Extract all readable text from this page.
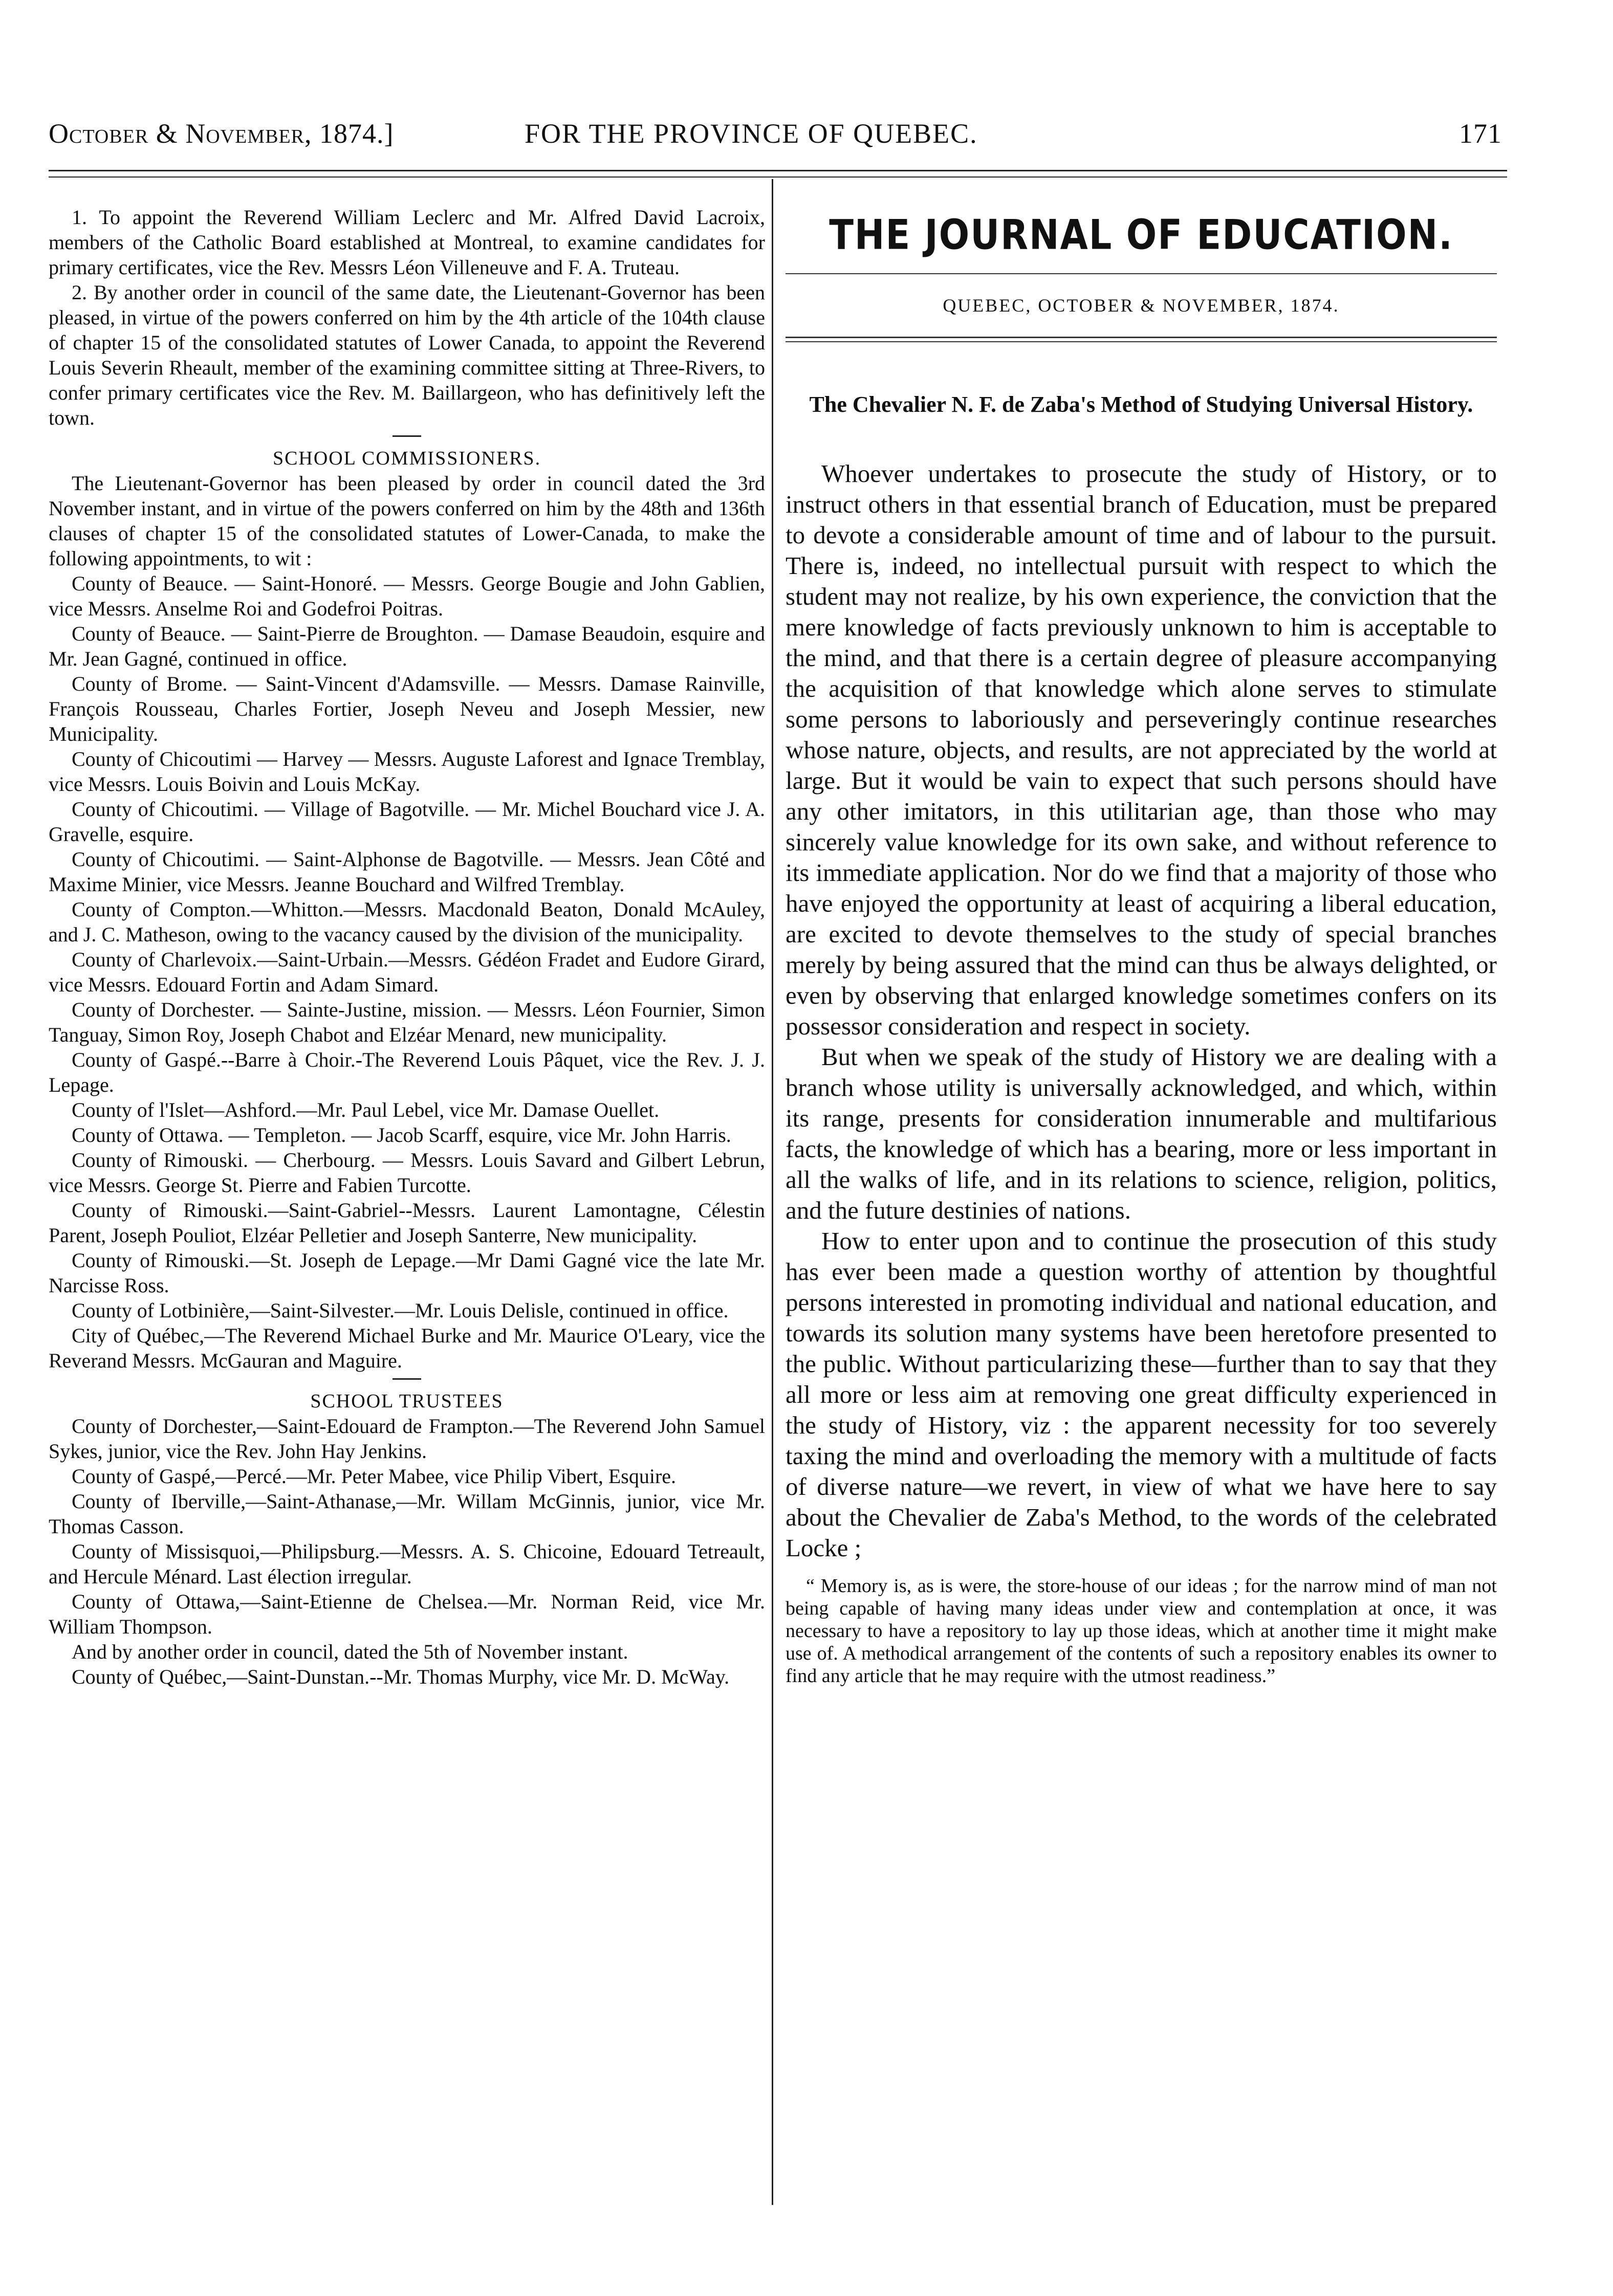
October & November, 1874.]	FOR THE PROVINCE OF QUEBEC.	171

1. To appoint the Reverend William Leclerc and Mr. Alfred David Lacroix, members of the Catholic Board established at Montreal, to examine candidates for primary certificates, vice the Rev. Messrs Léon Villeneuve and F. A. Truteau.

2. By another order in council of the same date, the Lieutenant-Governor has been pleased, in virtue of the powers conferred on him by the 4th article of the 104th clause of chapter 15 of the consolidated statutes of Lower Canada, to appoint the Reverend Louis Severin Rheault, member of the examining committee sitting at Three-Rivers, to confer primary certificates vice the Rev. M. Baillargeon, who has definitively left the town.

SCHOOL COMMISSIONERS.

The Lieutenant-Governor has been pleased by order in council dated the 3rd November instant, and in virtue of the powers conferred on him by the 48th and 136th clauses of chapter 15 of the consolidated statutes of Lower-Canada, to make the following appointments, to wit :

County of Beauce. — Saint-Honoré. — Messrs. George Bougie and John Gablien, vice Messrs. Anselme Roi and Godefroi Poitras.

County of Beauce. — Saint-Pierre de Broughton. — Damase Beaudoin, esquire and Mr. Jean Gagné, continued in office.

County of Brome. — Saint-Vincent d'Adamsville. — Messrs. Damase Rainville, François Rousseau, Charles Fortier, Joseph Neveu and Joseph Messier, new Municipality.

County of Chicoutimi — Harvey — Messrs. Auguste Laforest and Ignace Tremblay, vice Messrs. Louis Boivin and Louis McKay.

County of Chicoutimi. — Village of Bagotville. — Mr. Michel Bouchard vice J. A. Gravelle, esquire.

County of Chicoutimi. — Saint-Alphonse de Bagotville. — Messrs. Jean Côté and Maxime Minier, vice Messrs. Jeanne Bouchard and Wilfred Tremblay.

County of Compton.—Whitton.—Messrs. Macdonald Beaton, Donald McAuley, and J. C. Matheson, owing to the vacancy caused by the division of the municipality.

County of Charlevoix.—Saint-Urbain.—Messrs. Gédéon Fradet and Eudore Girard, vice Messrs. Edouard Fortin and Adam Simard.

County of Dorchester. — Sainte-Justine, mission. — Messrs. Léon Fournier, Simon Tanguay, Simon Roy, Joseph Chabot and Elzéar Menard, new municipality.

County of Gaspé.--Barre à Choir.-The Reverend Louis Pâquet, vice the Rev. J. J. Lepage.

County of l'Islet—Ashford.—Mr. Paul Lebel, vice Mr. Damase Ouellet.

County of Ottawa. — Templeton. — Jacob Scarff, esquire, vice Mr. John Harris.

County of Rimouski. — Cherbourg. — Messrs. Louis Savard and Gilbert Lebrun, vice Messrs. George St. Pierre and Fabien Turcotte.

County of Rimouski.—Saint-Gabriel--Messrs. Laurent Lamontagne, Célestin Parent, Joseph Pouliot, Elzéar Pelletier and Joseph Santerre, New municipality.

County of Rimouski.—St. Joseph de Lepage.—Mr Dami Gagné vice the late Mr. Narcisse Ross.

County of Lotbinière,—Saint-Silvester.—Mr. Louis Delisle, continued in office.

City of Québec,—The Reverend Michael Burke and Mr. Maurice O'Leary, vice the Reverand Messrs. McGauran and Maguire.

SCHOOL TRUSTEES

County of Dorchester,—Saint-Edouard de Frampton.—The Reverend John Samuel Sykes, junior, vice the Rev. John Hay Jenkins.

County of Gaspé,—Percé.—Mr. Peter Mabee, vice Philip Vibert, Esquire.

County of Iberville,—Saint-Athanase,—Mr. Willam McGinnis, junior, vice Mr. Thomas Casson.

County of Missisquoi,—Philipsburg.—Messrs. A. S. Chicoine, Edouard Tetreault, and Hercule Ménard. Last élection irregular.

County of Ottawa,—Saint-Etienne de Chelsea.—Mr. Norman Reid, vice Mr. William Thompson.

And by another order in council, dated the 5th of November instant.

County of Québec,—Saint-Dunstan.--Mr. Thomas Murphy, vice Mr. D. McWay.

THE JOURNAL OF EDUCATION.
QUEBEC, OCTOBER & NOVEMBER, 1874.
The Chevalier N. F. de Zaba's Method of Studying Universal History.

Whoever undertakes to prosecute the study of History, or to instruct others in that essential branch of Education, must be prepared to devote a considerable amount of time and of labour to the pursuit. There is, indeed, no intellectual pursuit with respect to which the student may not realize, by his own experience, the conviction that the mere knowledge of facts previously unknown to him is acceptable to the mind, and that there is a certain degree of pleasure accompanying the acquisition of that knowledge which alone serves to stimulate some persons to laboriously and perseveringly continue researches whose nature, objects, and results, are not appreciated by the world at large. But it would be vain to expect that such persons should have any other imitators, in this utilitarian age, than those who may sincerely value knowledge for its own sake, and without reference to its immediate application. Nor do we find that a majority of those who have enjoyed the opportunity at least of acquiring a liberal education, are excited to devote themselves to the study of special branches merely by being assured that the mind can thus be always delighted, or even by observing that enlarged knowledge sometimes confers on its possessor consideration and respect in society.

But when we speak of the study of History we are dealing with a branch whose utility is universally acknowledged, and which, within its range, presents for consideration innumerable and multifarious facts, the knowledge of which has a bearing, more or less important in all the walks of life, and in its relations to science, religion, politics, and the future destinies of nations.

How to enter upon and to continue the prosecution of this study has ever been made a question worthy of attention by thoughtful persons interested in promoting individual and national education, and towards its solution many systems have been heretofore presented to the public. Without particularizing these—further than to say that they all more or less aim at removing one great difficulty experienced in the study of History, viz : the apparent necessity for too severely taxing the mind and overloading the memory with a multitude of facts of diverse nature—we revert, in view of what we have here to say about the Chevalier de Zaba's Method, to the words of the celebrated Locke ;

“ Memory is, as is were, the store-house of our ideas ; for the narrow mind of man not being capable of having many ideas under view and contemplation at once, it was necessary to have a repository to lay up those ideas, which at another time it might make use of. A methodical arrangement of the contents of such a repository enables its owner to find any article that he may require with the utmost readiness.”
